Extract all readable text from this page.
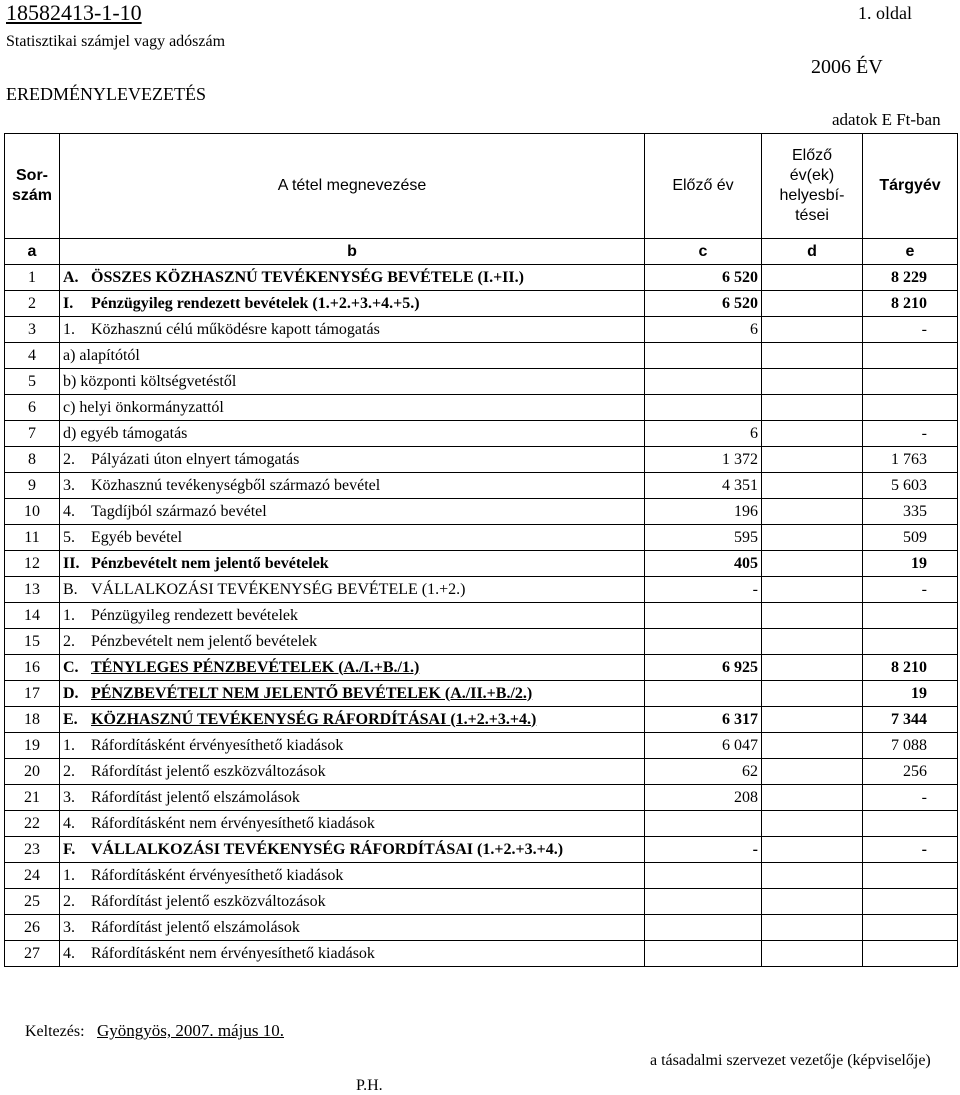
18582413-1-10	1. oldal
Statisztikai számjel vagy adószám
2006 ÉV
EREDMÉNYLEVEZETÉS
adatok E Ft-ban
Sor-
szám	A tétel megnevezése	Előző év	Előző
év(ek)
helyesbí-
tései	Tárgyév
a	b	c	d	e
1	A. ÖSSZES KÖZHASZNÚ TEVÉKENYSÉG BEVÉTELE (I.+II.)	6 520		8 229
2	I. Pénzügyileg rendezett bevételek (1.+2.+3.+4.+5.)	6 520		8 210
3	1. Közhasznú célú működésre kapott támogatás	6		-
4	a) alapítótól			
5	b) központi költségvetéstől			
6	c) helyi önkormányzattól			
7	d) egyéb támogatás	6		-
8	2. Pályázati úton elnyert támogatás	1 372		1 763
9	3. Közhasznú tevékenységből származó bevétel	4 351		5 603
10	4. Tagdíjból származó bevétel	196		335
11	5. Egyéb bevétel	595		509
12	II. Pénzbevételt nem jelentő bevételek	405		19
13	B. VÁLLALKOZÁSI TEVÉKENYSÉG BEVÉTELE (1.+2.)	-		-
14	1. Pénzügyileg rendezett bevételek			
15	2. Pénzbevételt nem jelentő bevételek			
16	C. TÉNYLEGES PÉNZBEVÉTELEK (A./I.+B./1.)	6 925		8 210
17	D. PÉNZBEVÉTELT NEM JELENTŐ BEVÉTELEK (A./II.+B./2.)			19
18	E. KÖZHASZNÚ TEVÉKENYSÉG RÁFORDÍTÁSAI (1.+2.+3.+4.)	6 317		7 344
19	1. Ráfordításként érvényesíthető kiadások	6 047		7 088
20	2. Ráfordítást jelentő eszközváltozások	62		256
21	3. Ráfordítást jelentő elszámolások	208		-
22	4. Ráfordításként nem érvényesíthető kiadások			
23	F. VÁLLALKOZÁSI TEVÉKENYSÉG RÁFORDÍTÁSAI (1.+2.+3.+4.)	-		-
24	1. Ráfordításként érvényesíthető kiadások			
25	2. Ráfordítást jelentő eszközváltozások			
26	3. Ráfordítást jelentő elszámolások			
27	4. Ráfordításként nem érvényesíthető kiadások			
Keltezés: Gyöngyös, 2007. május 10.
a tásadalmi szervezet vezetője (képviselője)
P.H.
